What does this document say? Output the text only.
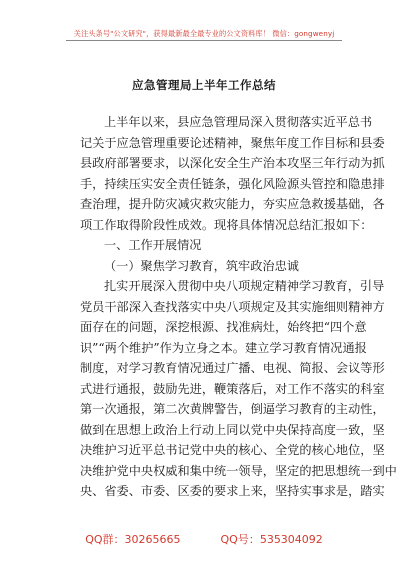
关注头条号"公文研究"，获得最新最全最专业的公文资料库！ 微信：gongwenyj
应急管理局上半年工作总结
上半年以来，县应急管理局深入贯彻落实近平总书
记关于应急管理重要论述精神，聚焦年度工作目标和县委
县政府部署要求，以深化安全生产治本攻坚三年行动为抓
手，持续压实安全责任链条，强化风险源头管控和隐患排
查治理，提升防灾减灾救灾能力，夯实应急救援基础，各
项工作取得阶段性成效。现将具体情况总结汇报如下：
一、工作开展情况
（一）聚焦学习教育，筑牢政治忠诚
扎实开展深入贯彻中央八项规定精神学习教育，引导
党员干部深入查找落实中央八项规定及其实施细则精神方
面存在的问题，深挖根源、找准病灶，始终把“四个意
识”“两个维护”作为立身之本。建立学习教育情况通报
制度，对学习教育情况通过广播、电视、简报、会议等形
式进行通报，鼓励先进，鞭策落后，对工作不落实的科室
第一次通报，第二次黄牌警告，倒逼学习教育的主动性，
做到在思想上政治上行动上同以党中央保持高度一致，坚
决维护习近平总书记党中央的核心、全党的核心地位，坚
决维护党中央权威和集中统一领导，坚定的把思想统一到中
央、省委、市委、区委的要求上来，坚持实事求是，踏实
QQ群：30265665	QQ号：535304092
